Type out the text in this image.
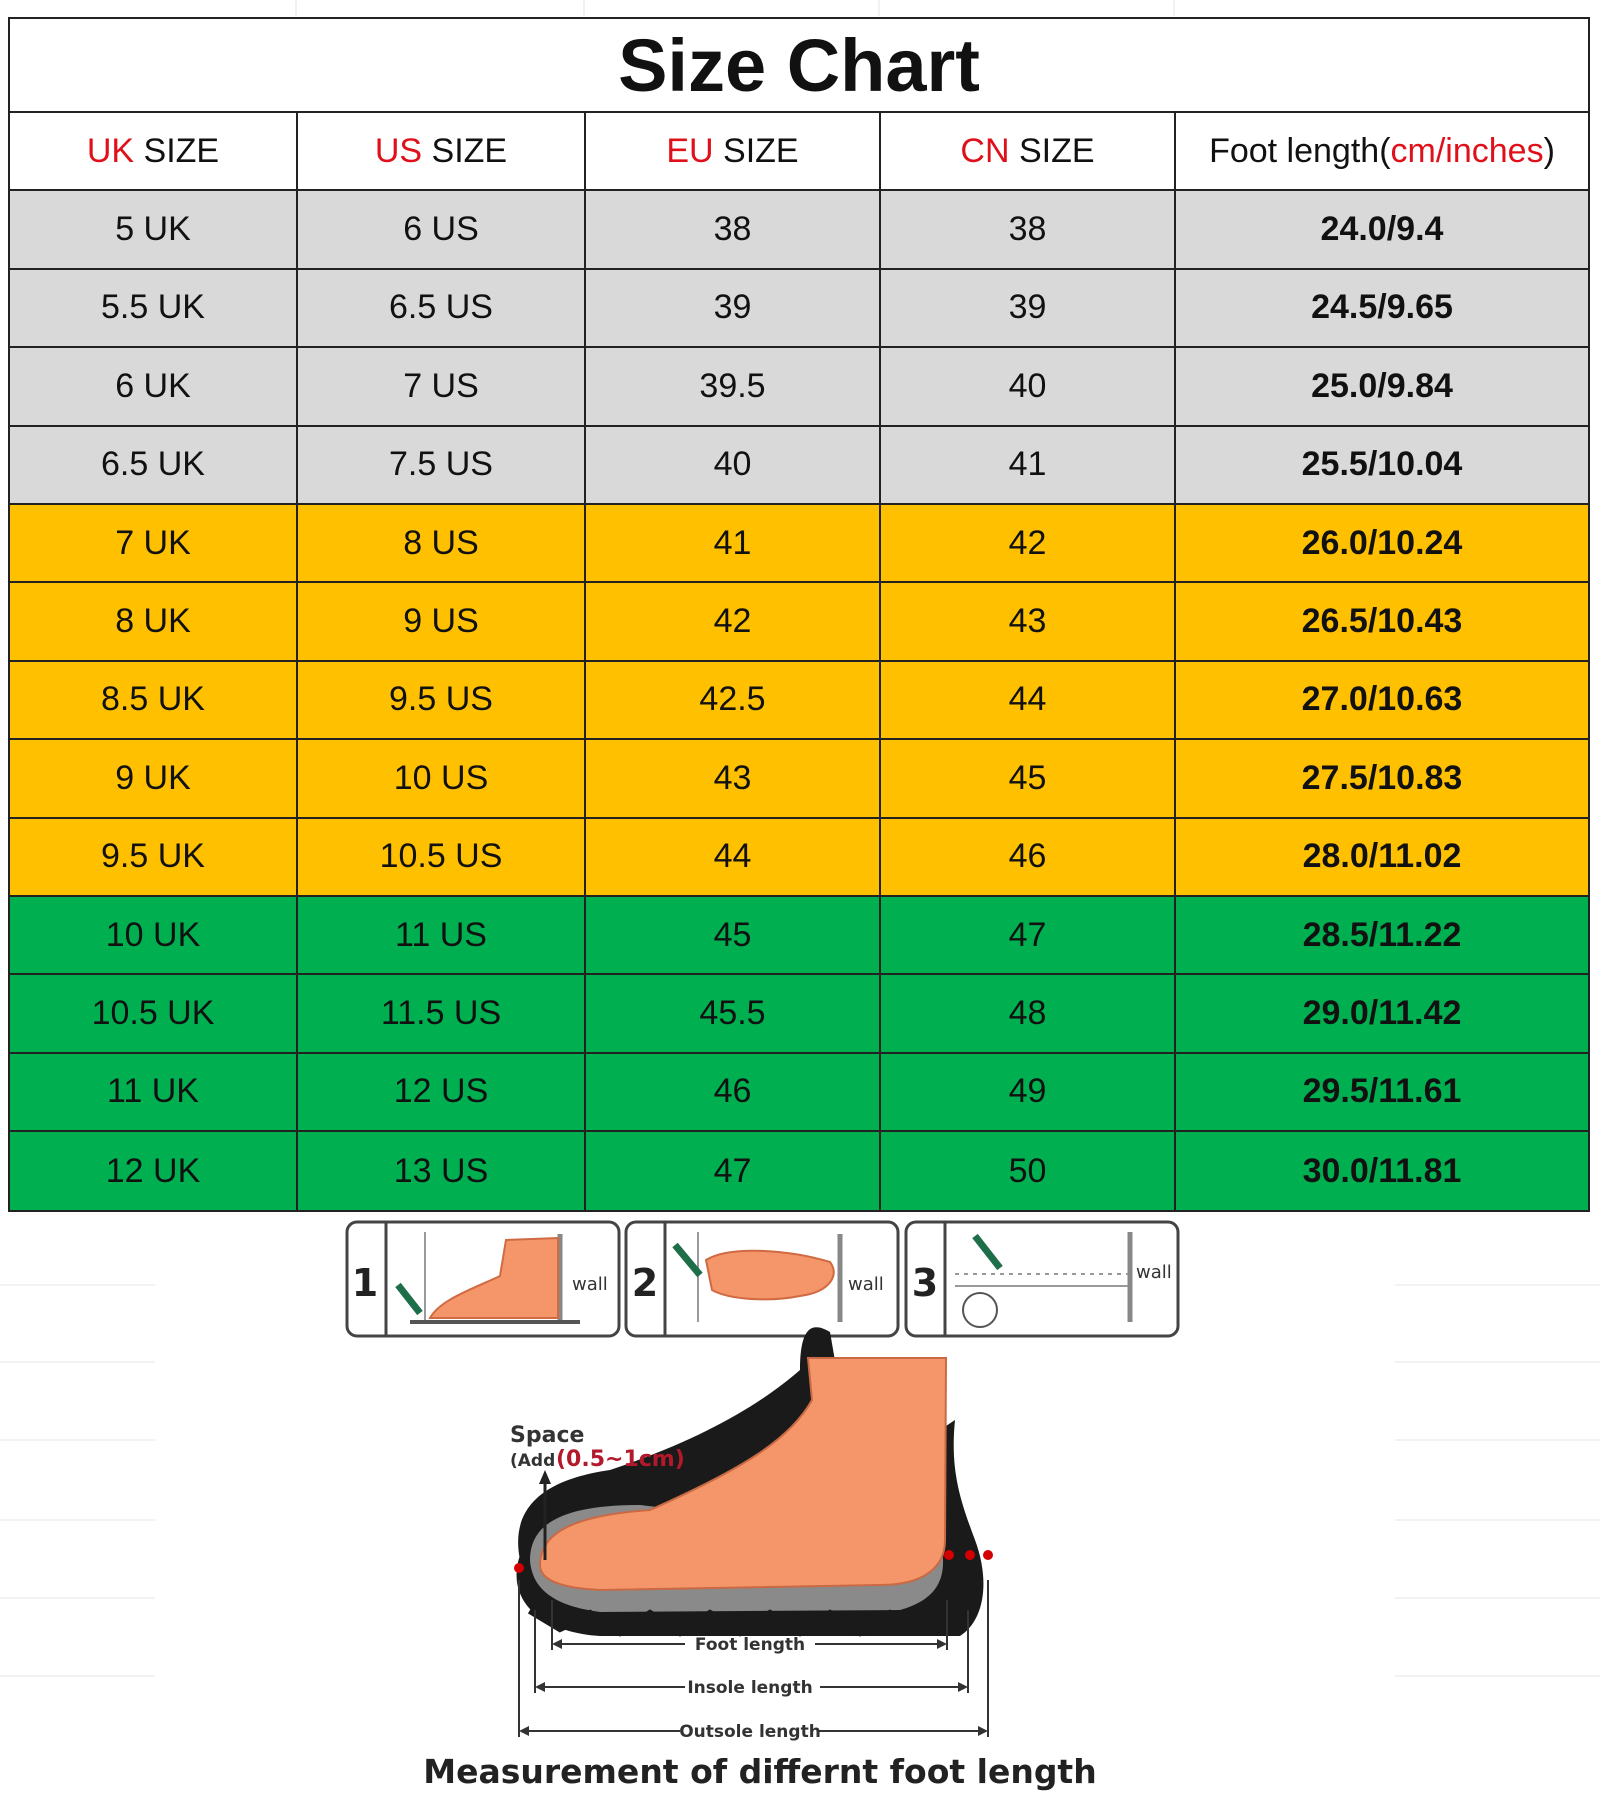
Size Chart
UK SIZE	US SIZE	EU SIZE	CN SIZE	Foot length( cm/inches )
5 UK	6 US	38	38	24.0/9.4
5.5 UK	6.5 US	39	39	24.5/9.65
6 UK	7 US	39.5	40	25.0/9.84
6.5 UK	7.5 US	40	41	25.5/10.04
7 UK	8 US	41	42	26.0/10.24
8 UK	9 US	42	43	26.5/10.43
8.5 UK	9.5 US	42.5	44	27.0/10.63
9 UK	10 US	43	45	27.5/10.83
9.5 UK	10.5 US	44	46	28.0/11.02
10 UK	11 US	45	47	28.5/11.22
10.5 UK	11.5 US	45.5	48	29.0/11.42
11 UK	12 US	46	49	29.5/11.61
12 UK	13 US	47	50	30.0/11.81
1	wall 2	wall 3	wall
Space
(Add (0.5~1cm)
Foot length
Insole length
Outsole length
Measurement of differnt foot length
